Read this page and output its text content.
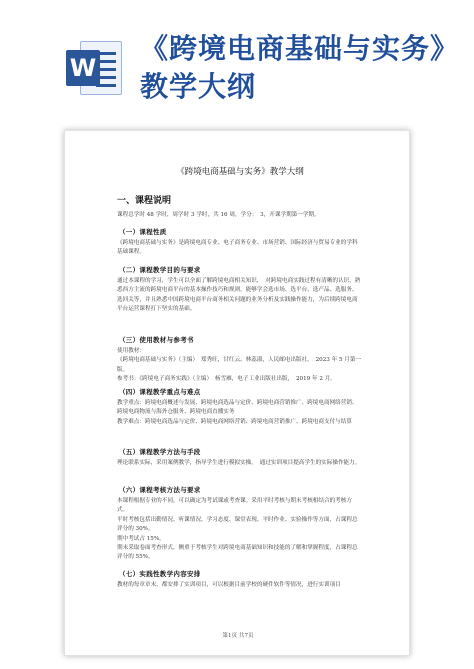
W
《跨境电商基础与实务》教学大纲
《跨境电商基础与实务》教学大纲
一、课程说明
课程总学时 48 学时，周学时 3 学时，共 16 周，学分：　3，开课学期第一学期。
（一）课程性质
《跨境电商基础与实务》是跨境电商专业、电子商务专业、市场营销、国际经济与贸易专业的学科基础课程。
（二）课程教学目的与要求
通过本课程的学习，学生可以全面了解跨境电商相关知识，　对跨境电商实践过程有清晰的认识，熟悉西方主流的跨境电商平台的基本操作技巧和规则，能够学会选市场、选平台、选产品、选服务、选回关等，并且熟悉中国跨境电商平台商务相关问题的业务分析及实践操作能力，为后续跨境电商平台运营课程打下坚实的基础。
（三）使用教材与参考书
使用教材：
《跨境电商基础与实务》（主编）　郑秀旺，甘红云、林蕊淑，人民邮电出版社，　2023 年 5 月第一版。
参考书：《跨境电子商务实践》（主编）　杨雪雁，电子工业出版社出版，　2019 年 2 月。
（四）课程教学重点与难点
教学重点：跨境电商概述与发展、跨境电商选品与定价、跨境电商营销推广、跨境电商网络营销、跨境电商物流与海外仓服务、跨境电商直播实务
教学难点：跨境电商选品与定价、跨境电商网络营销、跨境电商营销推广、跨境电商支付与结算
（五）课程教学方法与手段
理论联系实际，采用案例教学，指导学生进行模拟实操，　通过实训项目提高学生的实际操作能力。
（六）课程考核方法与要求
本课程根据专业的不同，可以确定为考试课或考查课。采用平时考核与期末考核相结合的考核方式。
平时考核包括出勤情况、听课情况、学习态度、课堂表现、平时作业、实验操作等方面，占课程总评分的 30%。
期中考试占 15%。
期末采取卷面考查形式，侧重于考核学生对跨境电商基础知识和技能的了解和掌握程度，占课程总评分的 55%。
（七）实践性教学内容安排
教材的每章章末，都安排了实训项目，可以根据目前学校的硬件软件等情况，进行实训项目
第1页 共7页
